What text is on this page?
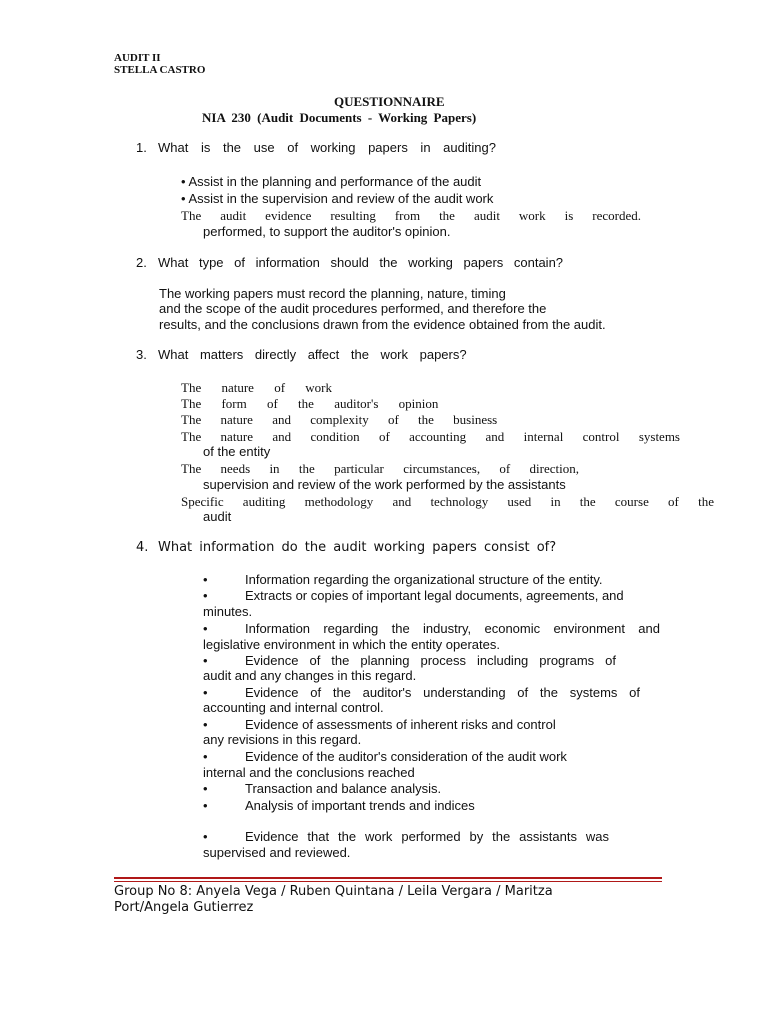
AUDIT II
STELLA CASTRO
QUESTIONNAIRE
NIA 230 (Audit Documents - Working Papers)
1. What is the use of working papers in auditing?
• Assist in the planning and performance of the audit
• Assist in the supervision and review of the audit work
The audit evidence resulting from the audit work is recorded.
performed, to support the auditor's opinion.
2. What type of information should the working papers contain?
The working papers must record the planning, nature, timing
and the scope of the audit procedures performed, and therefore the
results, and the conclusions drawn from the evidence obtained from the audit.
3. What matters directly affect the work papers?
The nature of work
The form of the auditor's opinion
The nature and complexity of the business
The nature and condition of accounting and internal control systems
of the entity
The needs in the particular circumstances, of direction,
supervision and review of the work performed by the assistants
Specific auditing methodology and technology used in the course of the
audit
4. What information do the audit working papers consist of?
•	Information regarding the organizational structure of the entity.
•	Extracts or copies of important legal documents, agreements, and
minutes.
•	Information regarding the industry, economic environment and
legislative environment in which the entity operates.
•	Evidence of the planning process including programs of
audit and any changes in this regard.
•	Evidence of the auditor's understanding of the systems of
accounting and internal control.
•	Evidence of assessments of inherent risks and control
any revisions in this regard.
•	Evidence of the auditor's consideration of the audit work
internal and the conclusions reached
•	Transaction and balance analysis.
•	Analysis of important trends and indices
•	Evidence that the work performed by the assistants was
supervised and reviewed.
Group No 8: Anyela Vega / Ruben Quintana / Leila Vergara / Maritza
Port/Angela Gutierrez
